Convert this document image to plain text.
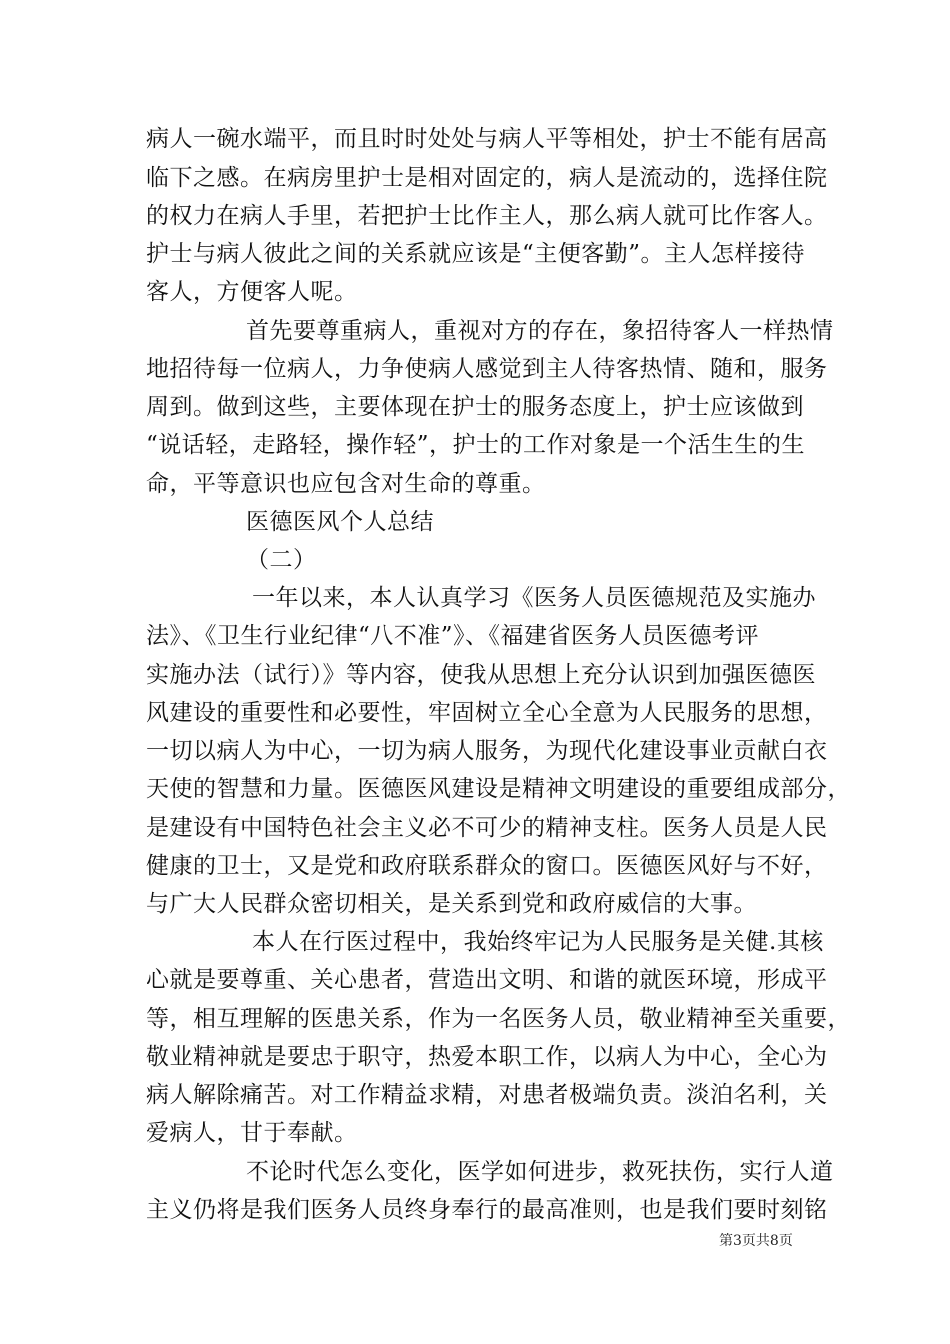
病人一碗水端平，而且时时处处与病人平等相处，护士不能有居高
临下之感。在病房里护士是相对固定的，病人是流动的，选择住院
的权力在病人手里，若把护士比作主人，那么病人就可比作客人。
护士与病人彼此之间的关系就应该是“主便客勤”。主人怎样接待
客人，方便客人呢。
首先要尊重病人，重视对方的存在，象招待客人一样热情
地招待每一位病人，力争使病人感觉到主人待客热情、随和，服务
周到。做到这些，主要体现在护士的服务态度上，护士应该做到
“说话轻，走路轻，操作轻”，护士的工作对象是一个活生生的生
命，平等意识也应包含对生命的尊重。
医德医风个人总结
（二）
一年以来，本人认真学习《医务人员医德规范及实施办
法》、《卫生行业纪律“八不准”》、《福建省医务人员医德考评
实施办法（试行）》等内容，使我从思想上充分认识到加强医德医
风建设的重要性和必要性，牢固树立全心全意为人民服务的思想，
一切以病人为中心，一切为病人服务，为现代化建设事业贡献白衣
天使的智慧和力量。医德医风建设是精神文明建设的重要组成部分，
是建设有中国特色社会主义必不可少的精神支柱。医务人员是人民
健康的卫士，又是党和政府联系群众的窗口。医德医风好与不好，
与广大人民群众密切相关，是关系到党和政府威信的大事。
本人在行医过程中，我始终牢记为人民服务是关健.其核
心就是要尊重、关心患者，营造出文明、和谐的就医环境，形成平
等，相互理解的医患关系，作为一名医务人员，敬业精神至关重要，
敬业精神就是要忠于职守，热爱本职工作，以病人为中心，全心为
病人解除痛苦。对工作精益求精，对患者极端负责。淡泊名利，关
爱病人，甘于奉献。
不论时代怎么变化，医学如何进步，救死扶伤，实行人道
主义仍将是我们医务人员终身奉行的最高准则，也是我们要时刻铭
第3页共8页
